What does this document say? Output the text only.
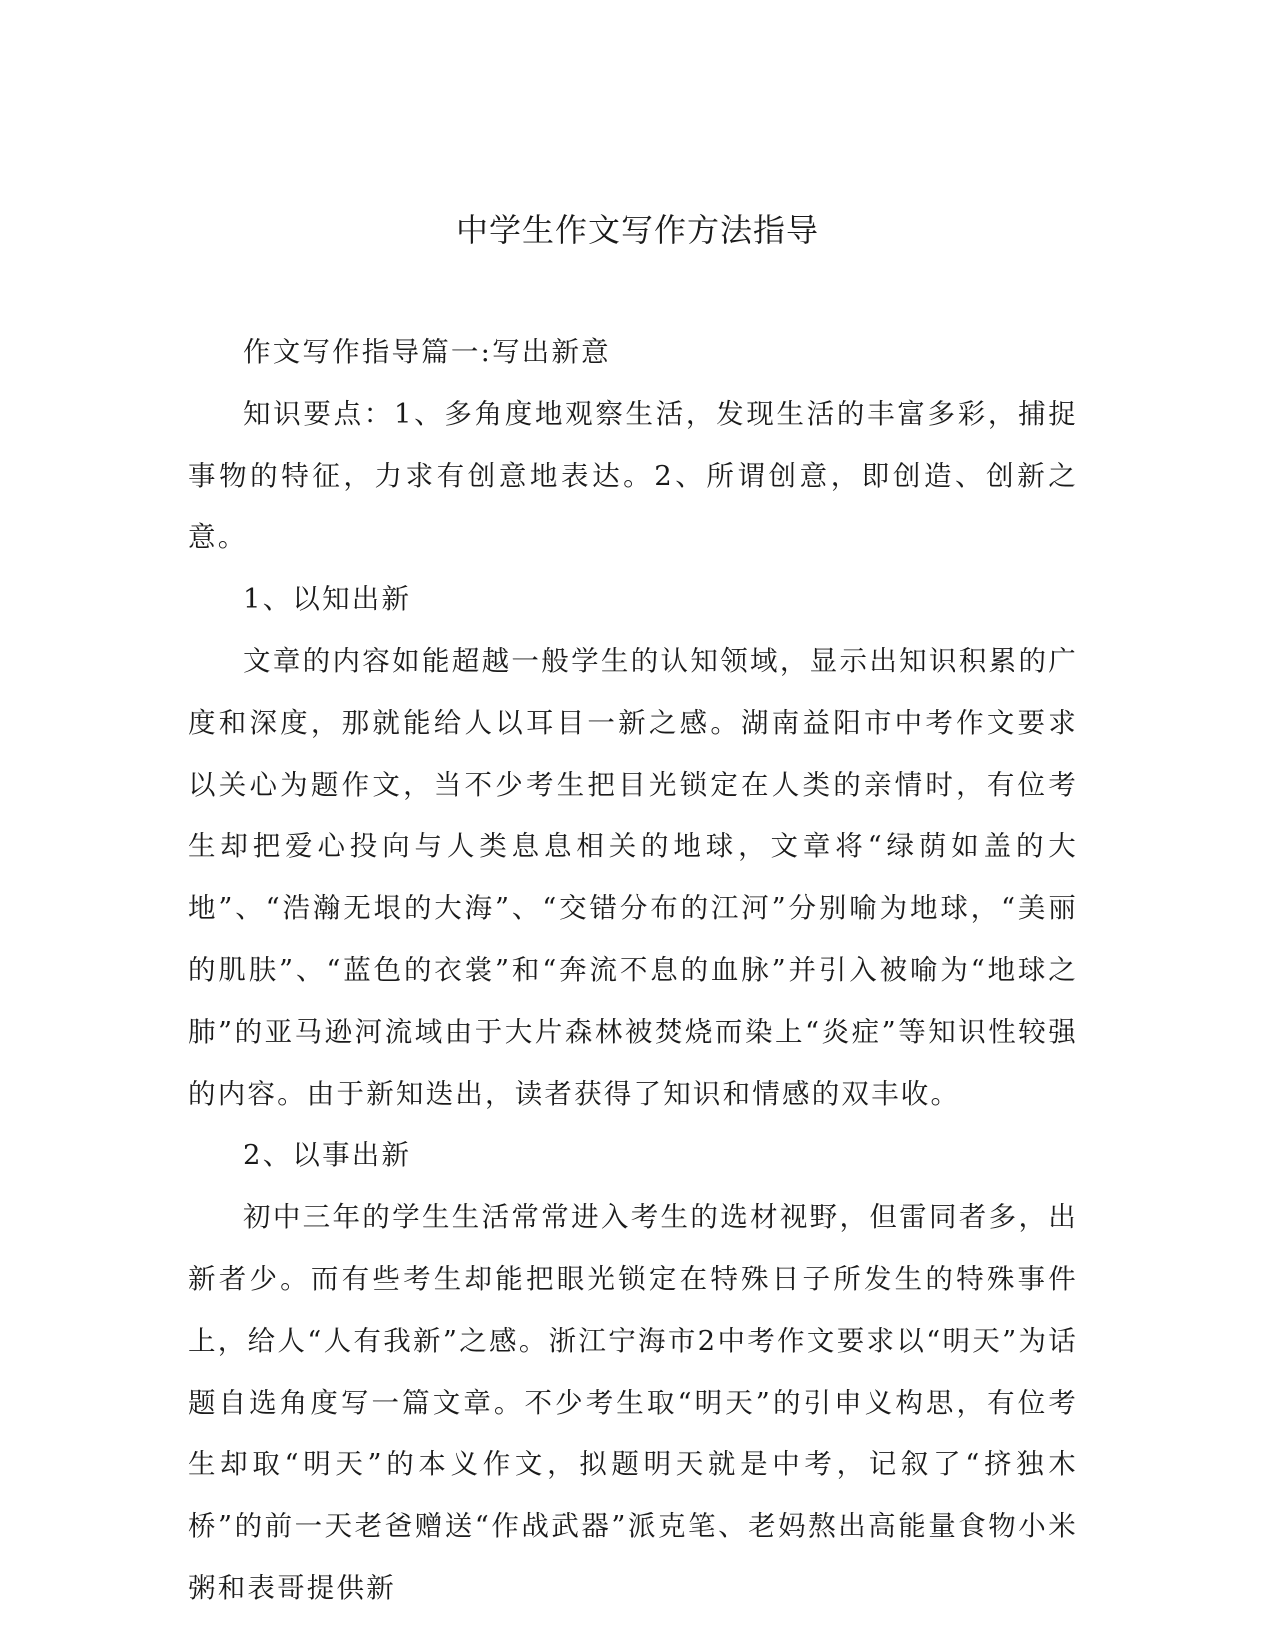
中学生作文写作方法指导

作文写作指导篇一:写出新意

知识要点：1、多角度地观察生活，发现生活的丰富多彩，捕捉事物的特征，力求有创意地表达。2、所谓创意，即创造、创新之意。

1、以知出新

文章的内容如能超越一般学生的认知领域，显示出知识积累的广度和深度，那就能给人以耳目一新之感。湖南益阳市中考作文要求以关心为题作文，当不少考生把目光锁定在人类的亲情时，有位考生却把爱心投向与人类息息相关的地球，文章将“绿荫如盖的大地”、“浩瀚无垠的大海”、“交错分布的江河”分别喻为地球，“美丽的肌肤”、“蓝色的衣裳”和“奔流不息的血脉”并引入被喻为“地球之肺”的亚马逊河流域由于大片森林被焚烧而染上“炎症”等知识性较强的内容。由于新知迭出，读者获得了知识和情感的双丰收。

2、以事出新

初中三年的学生生活常常进入考生的选材视野，但雷同者多，出新者少。而有些考生却能把眼光锁定在特殊日子所发生的特殊事件上，给人“人有我新”之感。浙江宁海市2中考作文要求以“明天”为话题自选角度写一篇文章。不少考生取“明天”的引申义构思，有位考生却取“明天”的本义作文，拟题明天就是中考，记叙了“挤独木桥”的前一天老爸赠送“作战武器”派克笔、老妈熬出高能量食物小米粥和表哥提供新
